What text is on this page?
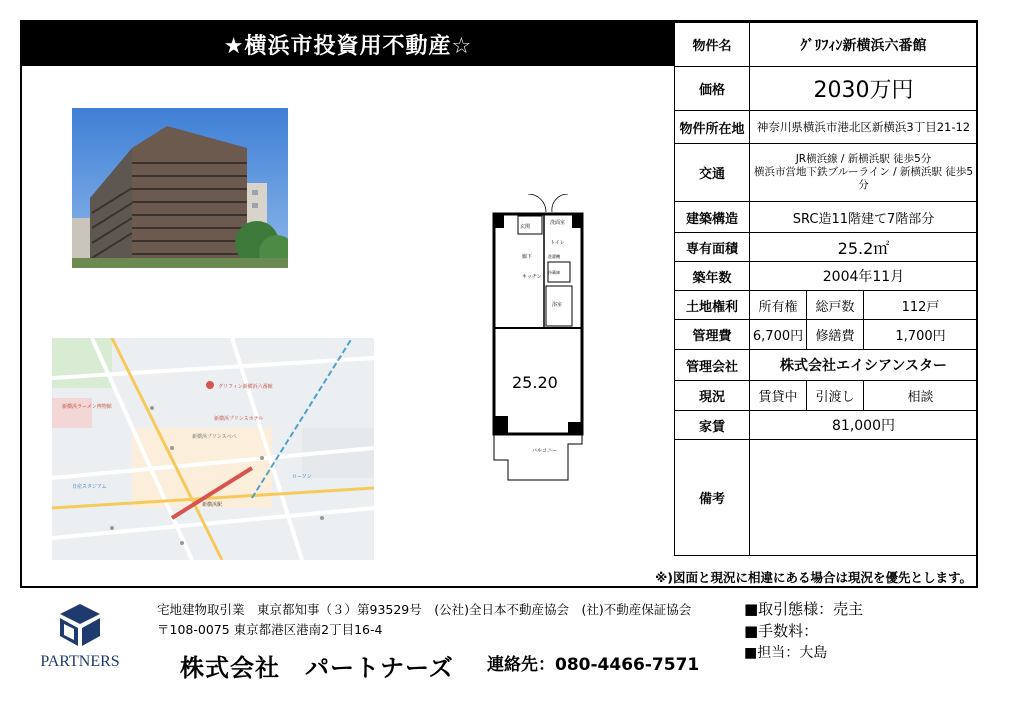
★横浜市投資用不動産☆
グリフィン新横浜六番館
新横浜プリンスホテル
新横浜プリンスペペ
新横浜駅
ローソン
新横浜ラーメン博物館
日産スタジアム
玄関
洗面室
トイレ
廊下
キッチン
浴室
冷蔵庫
洗濯機
25.20
バルコニー
物件名	ｸﾞﾘﾌｨﾝ新横浜六番館		
価格	2030万円		
物件所在地	神奈川県横浜市港北区新横浜3丁目21-12		
交通	JR横浜線 / 新横浜駅 徒歩5分
横浜市営地下鉄ブルーライン / 新横浜駅 徒歩5
分		

建築構造	SRC造11階建て7階部分		
専有面積	25.2㎡		
築年数	2004年11月		
土地権利	所有権	総戸数	112戸
管理費	6,700円	修繕費	1,700円
管理会社	株式会社エイシアンスター		
現況	賃貸中	引渡し	相談
家賃	81,000円		
備考			
※)図面と現況に相違にある場合は現況を優先とします。
PARTNERS
宅地建物取引業　東京都知事（３）第93529号　(公社)全日本不動産協会　(社)不動産保証協会
〒108-0075 東京都港区港南2丁目16-4
株式会社　パートナーズ 連絡先：080-4466-7571
■取引態様：売主
■手数料：
■担当：大島
